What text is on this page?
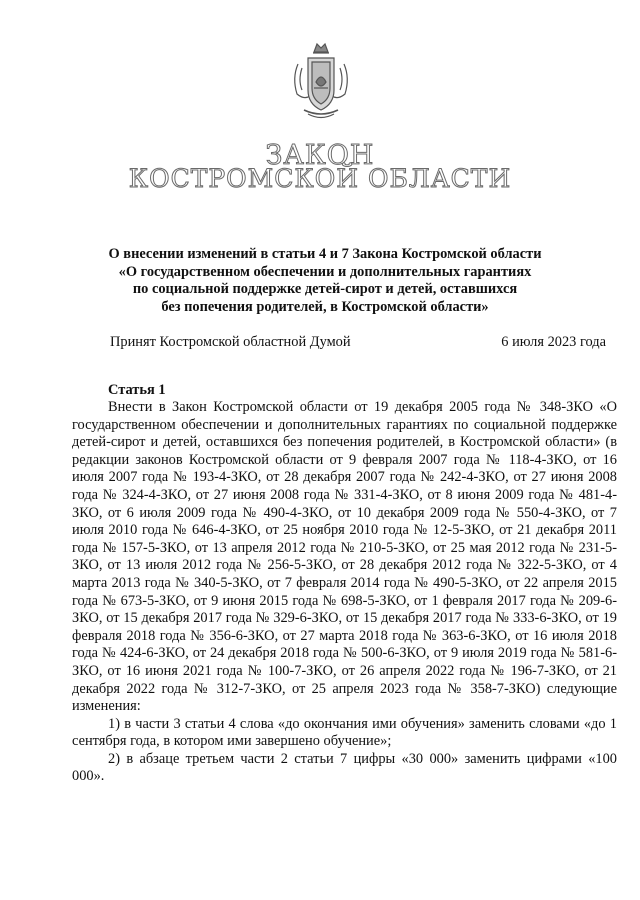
ЗАКОН
КОСТРОМСКОЙ ОБЛАСТИ
О внесении изменений в статьи 4 и 7 Закона Костромской области
«О государственном обеспечении и дополнительных гарантиях
по социальной поддержке детей-сирот и детей, оставшихся
без попечения родителей, в Костромской области»
Принят Костромской областной Думой	6 июля 2023 года
Статья 1

Внести в Закон Костромской области от 19 декабря 2005 года № 348-ЗКО «О государственном обеспечении и дополнительных гарантиях по социальной поддержке детей-сирот и детей, оставшихся без попечения родителей, в Костромской области» (в редакции законов Костромской области от 9 февраля 2007 года № 118-4-ЗКО, от 16 июля 2007 года № 193-4-ЗКО, от 28 декабря 2007 года № 242-4-ЗКО, от 27 июня 2008 года № 324-4-ЗКО, от 27 июня 2008 года № 331-4-ЗКО, от 8 июня 2009 года № 481-4-ЗКО, от 6 июля 2009 года № 490-4-ЗКО, от 10 декабря 2009 года № 550-4-ЗКО, от 7 июля 2010 года № 646-4-ЗКО, от 25 ноября 2010 года № 12-5-ЗКО, от 21 декабря 2011 года № 157-5-ЗКО, от 13 апреля 2012 года № 210-5-ЗКО, от 25 мая 2012 года № 231-5-ЗКО, от 13 июля 2012 года № 256-5-ЗКО, от 28 декабря 2012 года № 322-5-ЗКО, от 4 марта 2013 года № 340-5-ЗКО, от 7 февраля 2014 года № 490-5-ЗКО, от 22 апреля 2015 года № 673-5-ЗКО, от 9 июня 2015 года № 698-5-ЗКО, от 1 февраля 2017 года № 209-6-ЗКО, от 15 декабря 2017 года № 329-6-ЗКО, от 15 декабря 2017 года № 333-6-ЗКО, от 19 февраля 2018 года № 356-6-ЗКО, от 27 марта 2018 года № 363-6-ЗКО, от 16 июля 2018 года № 424-6-ЗКО, от 24 декабря 2018 года № 500-6-ЗКО, от 9 июля 2019 года № 581-6-ЗКО, от 16 июня 2021 года № 100-7-ЗКО, от 26 апреля 2022 года № 196-7-ЗКО, от 21 декабря 2022 года № 312-7-ЗКО, от 25 апреля 2023 года № 358-7-ЗКО) следующие изменения:

1) в части 3 статьи 4 слова «до окончания ими обучения» заменить словами «до 1 сентября года, в котором ими завершено обучение»;

2) в абзаце третьем части 2 статьи 7 цифры «30 000» заменить цифрами «100 000».
